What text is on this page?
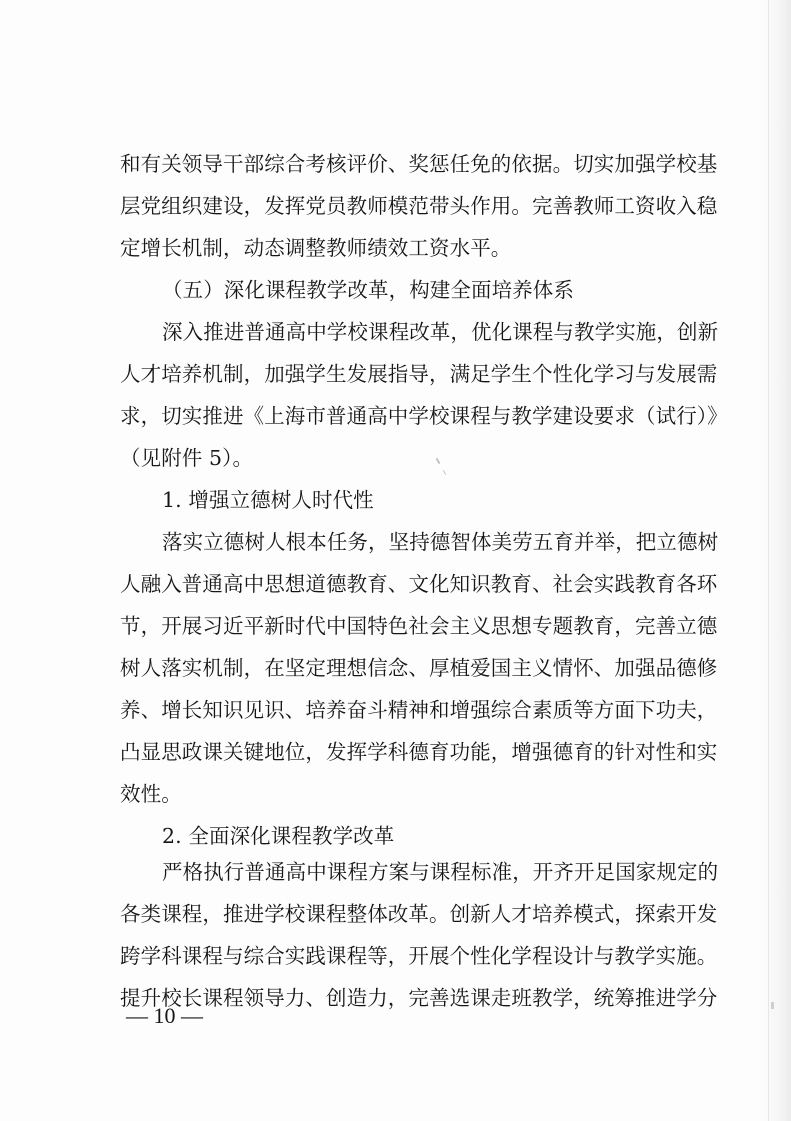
和有关领导干部综合考核评价、奖惩任免的依据。切实加强学校基
层党组织建设，发挥党员教师模范带头作用。完善教师工资收入稳
定增长机制，动态调整教师绩效工资水平。
（五）深化课程教学改革，构建全面培养体系
深入推进普通高中学校课程改革，优化课程与教学实施，创新
人才培养机制，加强学生发展指导，满足学生个性化学习与发展需
求，切实推进《上海市普通高中学校课程与教学建设要求（试行）》
（见附件 5）。
1. 增强立德树人时代性
落实立德树人根本任务，坚持德智体美劳五育并举，把立德树
人融入普通高中思想道德教育、文化知识教育、社会实践教育各环
节，开展习近平新时代中国特色社会主义思想专题教育，完善立德
树人落实机制，在坚定理想信念、厚植爱国主义情怀、加强品德修
养、增长知识见识、培养奋斗精神和增强综合素质等方面下功夫，
凸显思政课关键地位，发挥学科德育功能，增强德育的针对性和实
效性。
2. 全面深化课程教学改革
严格执行普通高中课程方案与课程标准，开齐开足国家规定的
各类课程，推进学校课程整体改革。创新人才培养模式，探索开发
跨学科课程与综合实践课程等，开展个性化学程设计与教学实施。
— 10 —
提升校长课程领导力、创造力，完善选课走班教学，统筹推进学分
